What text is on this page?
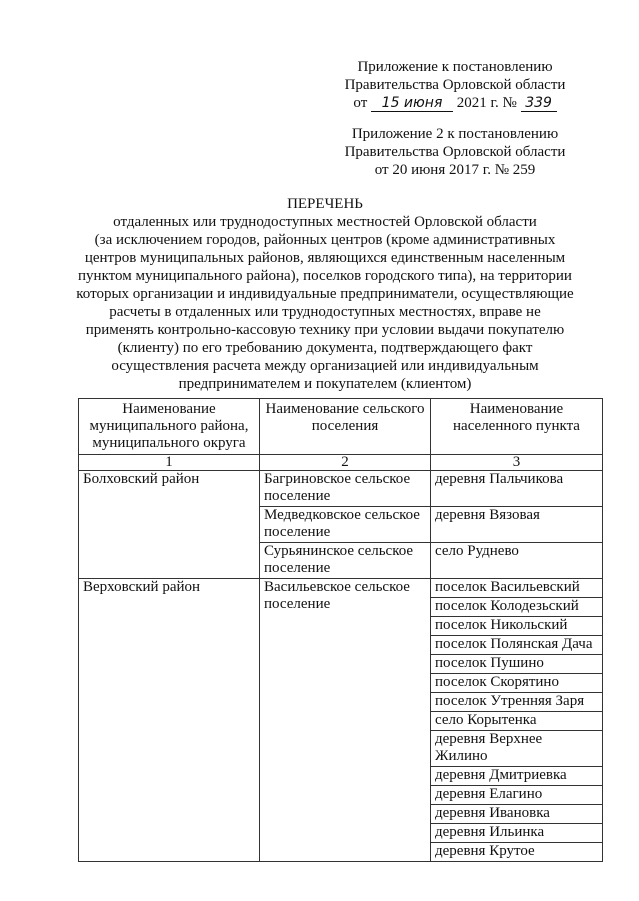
Приложение к постановлению
Правительства Орловской области
от 15 июня 2021 г. № 339
Приложение 2 к постановлению
Правительства Орловской области
от 20 июня 2017 г. № 259
ПЕРЕЧЕНЬ
отдаленных или труднодоступных местностей Орловской области
(за исключением городов, районных центров (кроме административных
центров муниципальных районов, являющихся единственным населенным
пунктом муниципального района), поселков городского типа), на территории
которых организации и индивидуальные предприниматели, осуществляющие
расчеты в отдаленных или труднодоступных местностях, вправе не
применять контрольно-кассовую технику при условии выдачи покупателю
(клиенту) по его требованию документа, подтверждающего факт
осуществления расчета между организацией или индивидуальным
предпринимателем и покупателем (клиентом)
Наименование муниципального района, муниципального округа	Наименование сельского поселения	Наименование населенного пункта
1	2	3
Болховский район	Багриновское сельское поселение	деревня Пальчикова
	Медведковское сельское поселение	деревня Вязовая
	Сурьянинское сельское поселение	село Руднево
Верховский район	Васильевское сельское поселение	поселок Васильевский
		поселок Колодезьский
		поселок Никольский
		поселок Полянская Дача
		поселок Пушино
		поселок Скорятино
		поселок Утренняя Заря
		село Корытенка
		деревня Верхнее Жилино
		деревня Дмитриевка
		деревня Елагино
		деревня Ивановка
		деревня Ильинка
		деревня Крутое
